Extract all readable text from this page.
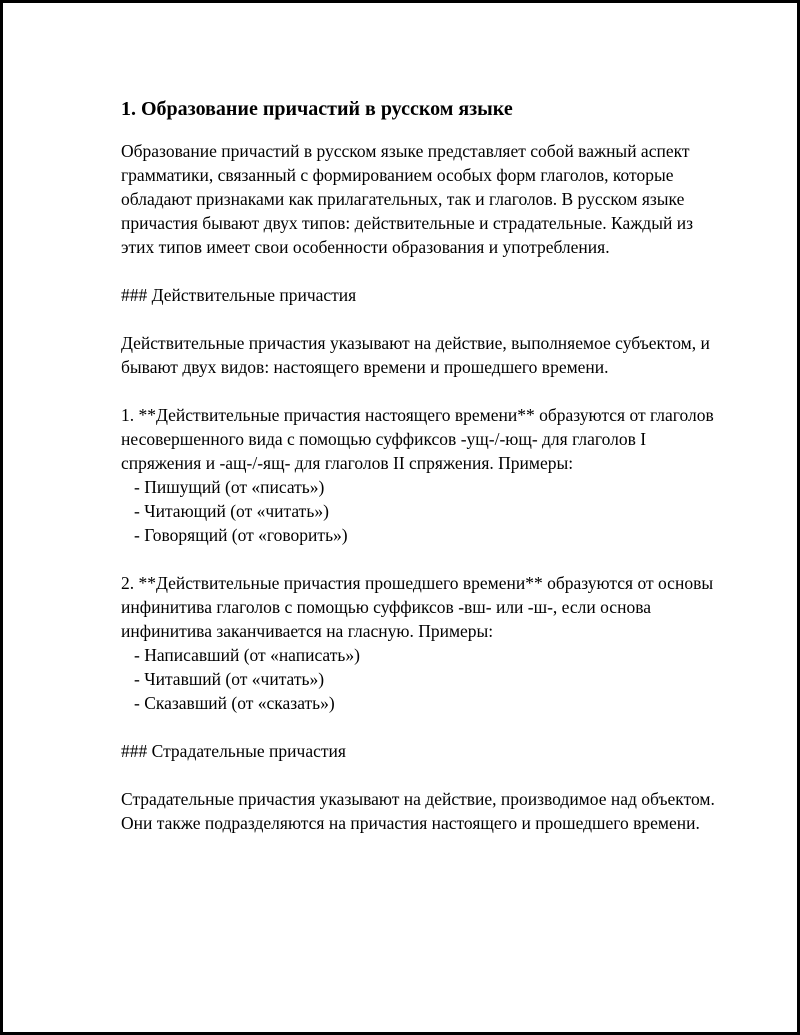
1. Образование причастий в русском языке

Образование причастий в русском языке представляет собой важный аспект грамматики, связанный с формированием особых форм глаголов, которые обладают признаками как прилагательных, так и глаголов. В русском языке причастия бывают двух типов: действительные и страдательные. Каждый из этих типов имеет свои особенности образования и употребления.

### Действительные причастия

Действительные причастия указывают на действие, выполняемое субъектом, и бывают двух видов: настоящего времени и прошедшего времени.

1. **Действительные причастия настоящего времени** образуются от глаголов несовершенного вида с помощью суффиксов -ущ-/-ющ- для глаголов I спряжения и -ащ-/-ящ- для глаголов II спряжения. Примеры:

- Пишущий (от «писать»)
- Читающий (от «читать»)
- Говорящий (от «говорить»)

2. **Действительные причастия прошедшего времени** образуются от основы инфинитива глаголов с помощью суффиксов -вш- или -ш-, если основа инфинитива заканчивается на гласную. Примеры:

- Написавший (от «написать»)
- Читавший (от «читать»)
- Сказавший (от «сказать»)

### Страдательные причастия

Страдательные причастия указывают на действие, производимое над объектом. Они также подразделяются на причастия настоящего и прошедшего времени.
